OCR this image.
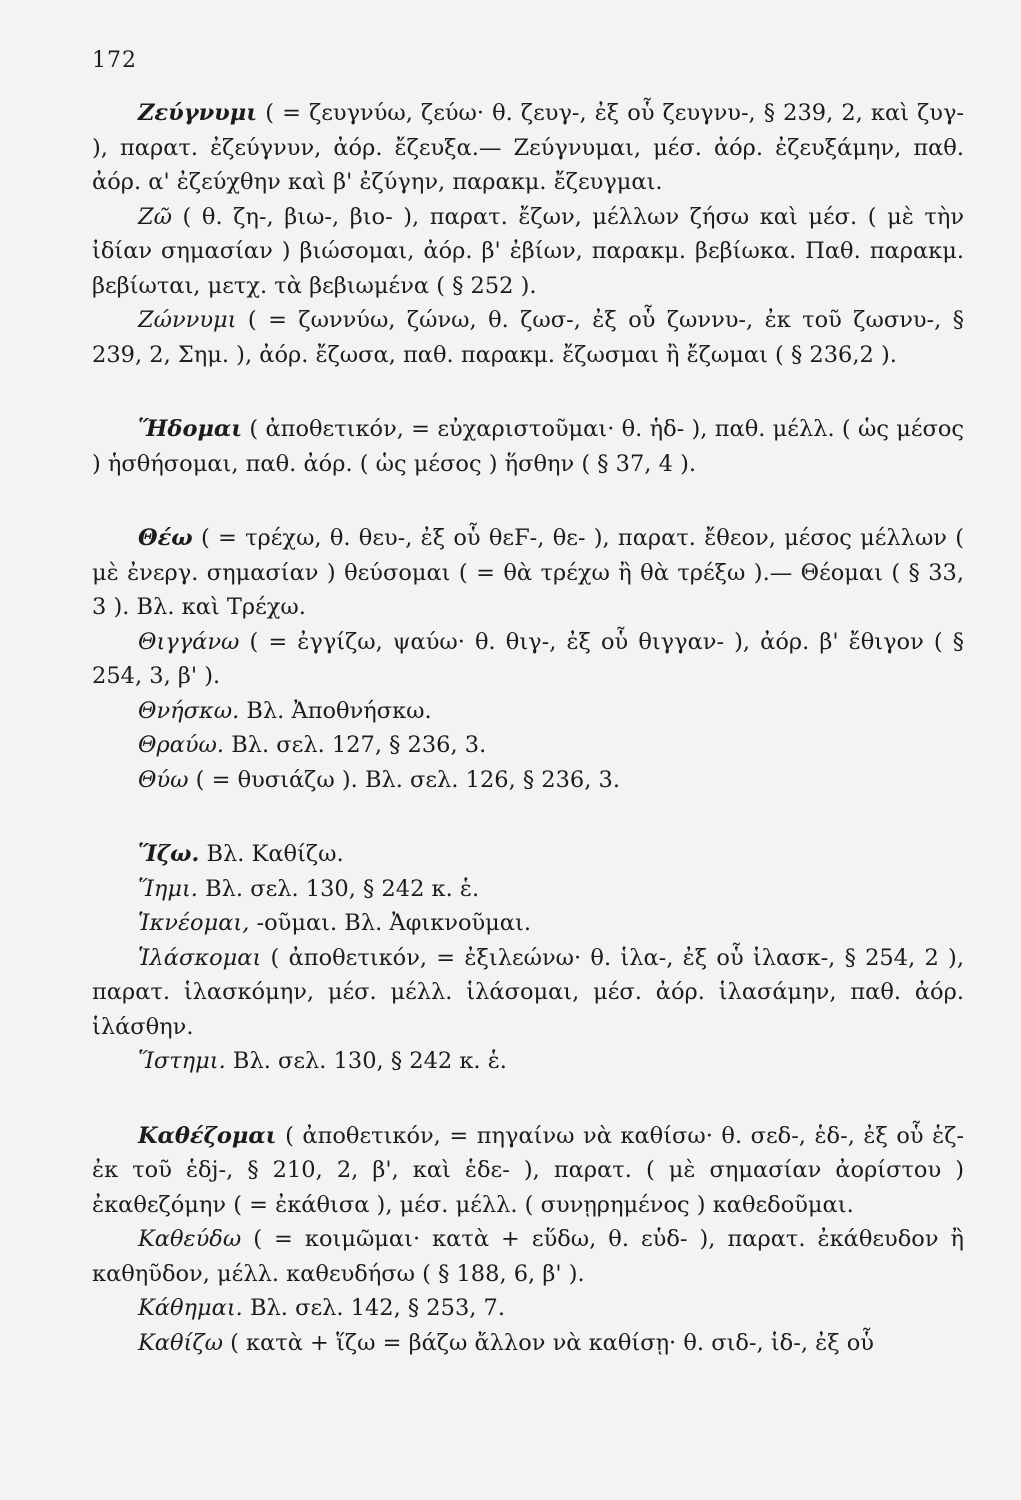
172

Ζεύγνυμι ( = ζευγνύω, ζεύω· θ. ζευγ-, ἐξ οὗ ζευγνυ-, § 239, 2, καὶ ζυγ- ), παρατ. ἐζεύγνυν, ἀόρ. ἔζευξα.— Ζεύγνυμαι, μέσ. ἀόρ. ἐζευξάμην, παθ. ἀόρ. α' ἐζεύχθην καὶ β' ἐζύγην, παρακμ. ἔζευγμαι.

Ζῶ ( θ. ζη-, βιω-, βιο- ), παρατ. ἔζων, μέλλων ζήσω καὶ μέσ. ( μὲ τὴν ἰδίαν σημασίαν ) βιώσομαι, ἀόρ. β' ἐβίων, παρακμ. βεβίωκα. Παθ. παρακμ. βεβίωται, μετχ. τὰ βεβιωμένα ( § 252 ).

Ζώννυμι ( = ζωννύω, ζώνω, θ. ζωσ-, ἐξ οὗ ζωννυ-, ἐκ τοῦ ζωσνυ-, § 239, 2, Σημ. ), ἀόρ. ἔζωσα, παθ. παρακμ. ἔζωσμαι ἢ ἔζωμαι ( § 236,2 ).

Ἥδομαι ( ἀποθετικόν, = εὐχαριστοῦμαι· θ. ἡδ- ), παθ. μέλλ. ( ὡς μέσος ) ἡσθήσομαι, παθ. ἀόρ. ( ὡς μέσος ) ἥσθην ( § 37, 4 ).

Θέω ( = τρέχω, θ. θευ-, ἐξ οὗ θεϜ-, θε- ), παρατ. ἔθεον, μέσος μέλλων ( μὲ ἐνεργ. σημασίαν ) θεύσομαι ( = θὰ τρέχω ἢ θὰ τρέξω ).— Θέομαι ( § 33, 3 ). Βλ. καὶ Τρέχω.

Θιγγάνω ( = ἐγγίζω, ψαύω· θ. θιγ-, ἐξ οὗ θιγγαν- ), ἀόρ. β' ἔθιγον ( § 254, 3, β' ).

Θνήσκω. Βλ. Ἀποθνήσκω.

Θραύω. Βλ. σελ. 127, § 236, 3.

Θύω ( = θυσιάζω ). Βλ. σελ. 126, § 236, 3.

Ἵζω. Βλ. Καθίζω.

Ἵημι. Βλ. σελ. 130, § 242 κ. ἑ.

Ἱκνέομαι, -οῦμαι. Βλ. Ἀφικνοῦμαι.

Ἱλάσκομαι ( ἀποθετικόν, = ἐξιλεώνω· θ. ἱλα-, ἐξ οὗ ἱλασκ-, § 254, 2 ), παρατ. ἱλασκόμην, μέσ. μέλλ. ἱλάσομαι, μέσ. ἀόρ. ἱλασάμην, παθ. ἀόρ. ἱλάσθην.

Ἵστημι. Βλ. σελ. 130, § 242 κ. ἑ.

Καθέζομαι ( ἀποθετικόν, = πηγαίνω νὰ καθίσω· θ. σεδ-, ἑδ-, ἐξ οὗ ἑζ- ἐκ τοῦ ἑδj-, § 210, 2, β', καὶ ἑδε- ), παρατ. ( μὲ σημασίαν ἀορίστου ) ἐκαθεζόμην ( = ἐκάθισα ), μέσ. μέλλ. ( συνῃρημένος ) καθεδοῦμαι.

Καθεύδω ( = κοιμῶμαι· κατὰ + εὕδω, θ. εὑδ- ), παρατ. ἐκάθευδον ἢ καθηῦδον, μέλλ. καθευδήσω ( § 188, 6, β' ).

Κάθημαι. Βλ. σελ. 142, § 253, 7.

Καθίζω ( κατὰ + ἵζω = βάζω ἄλλον νὰ καθίσῃ· θ. σιδ-, ἱδ-, ἐξ οὗ
